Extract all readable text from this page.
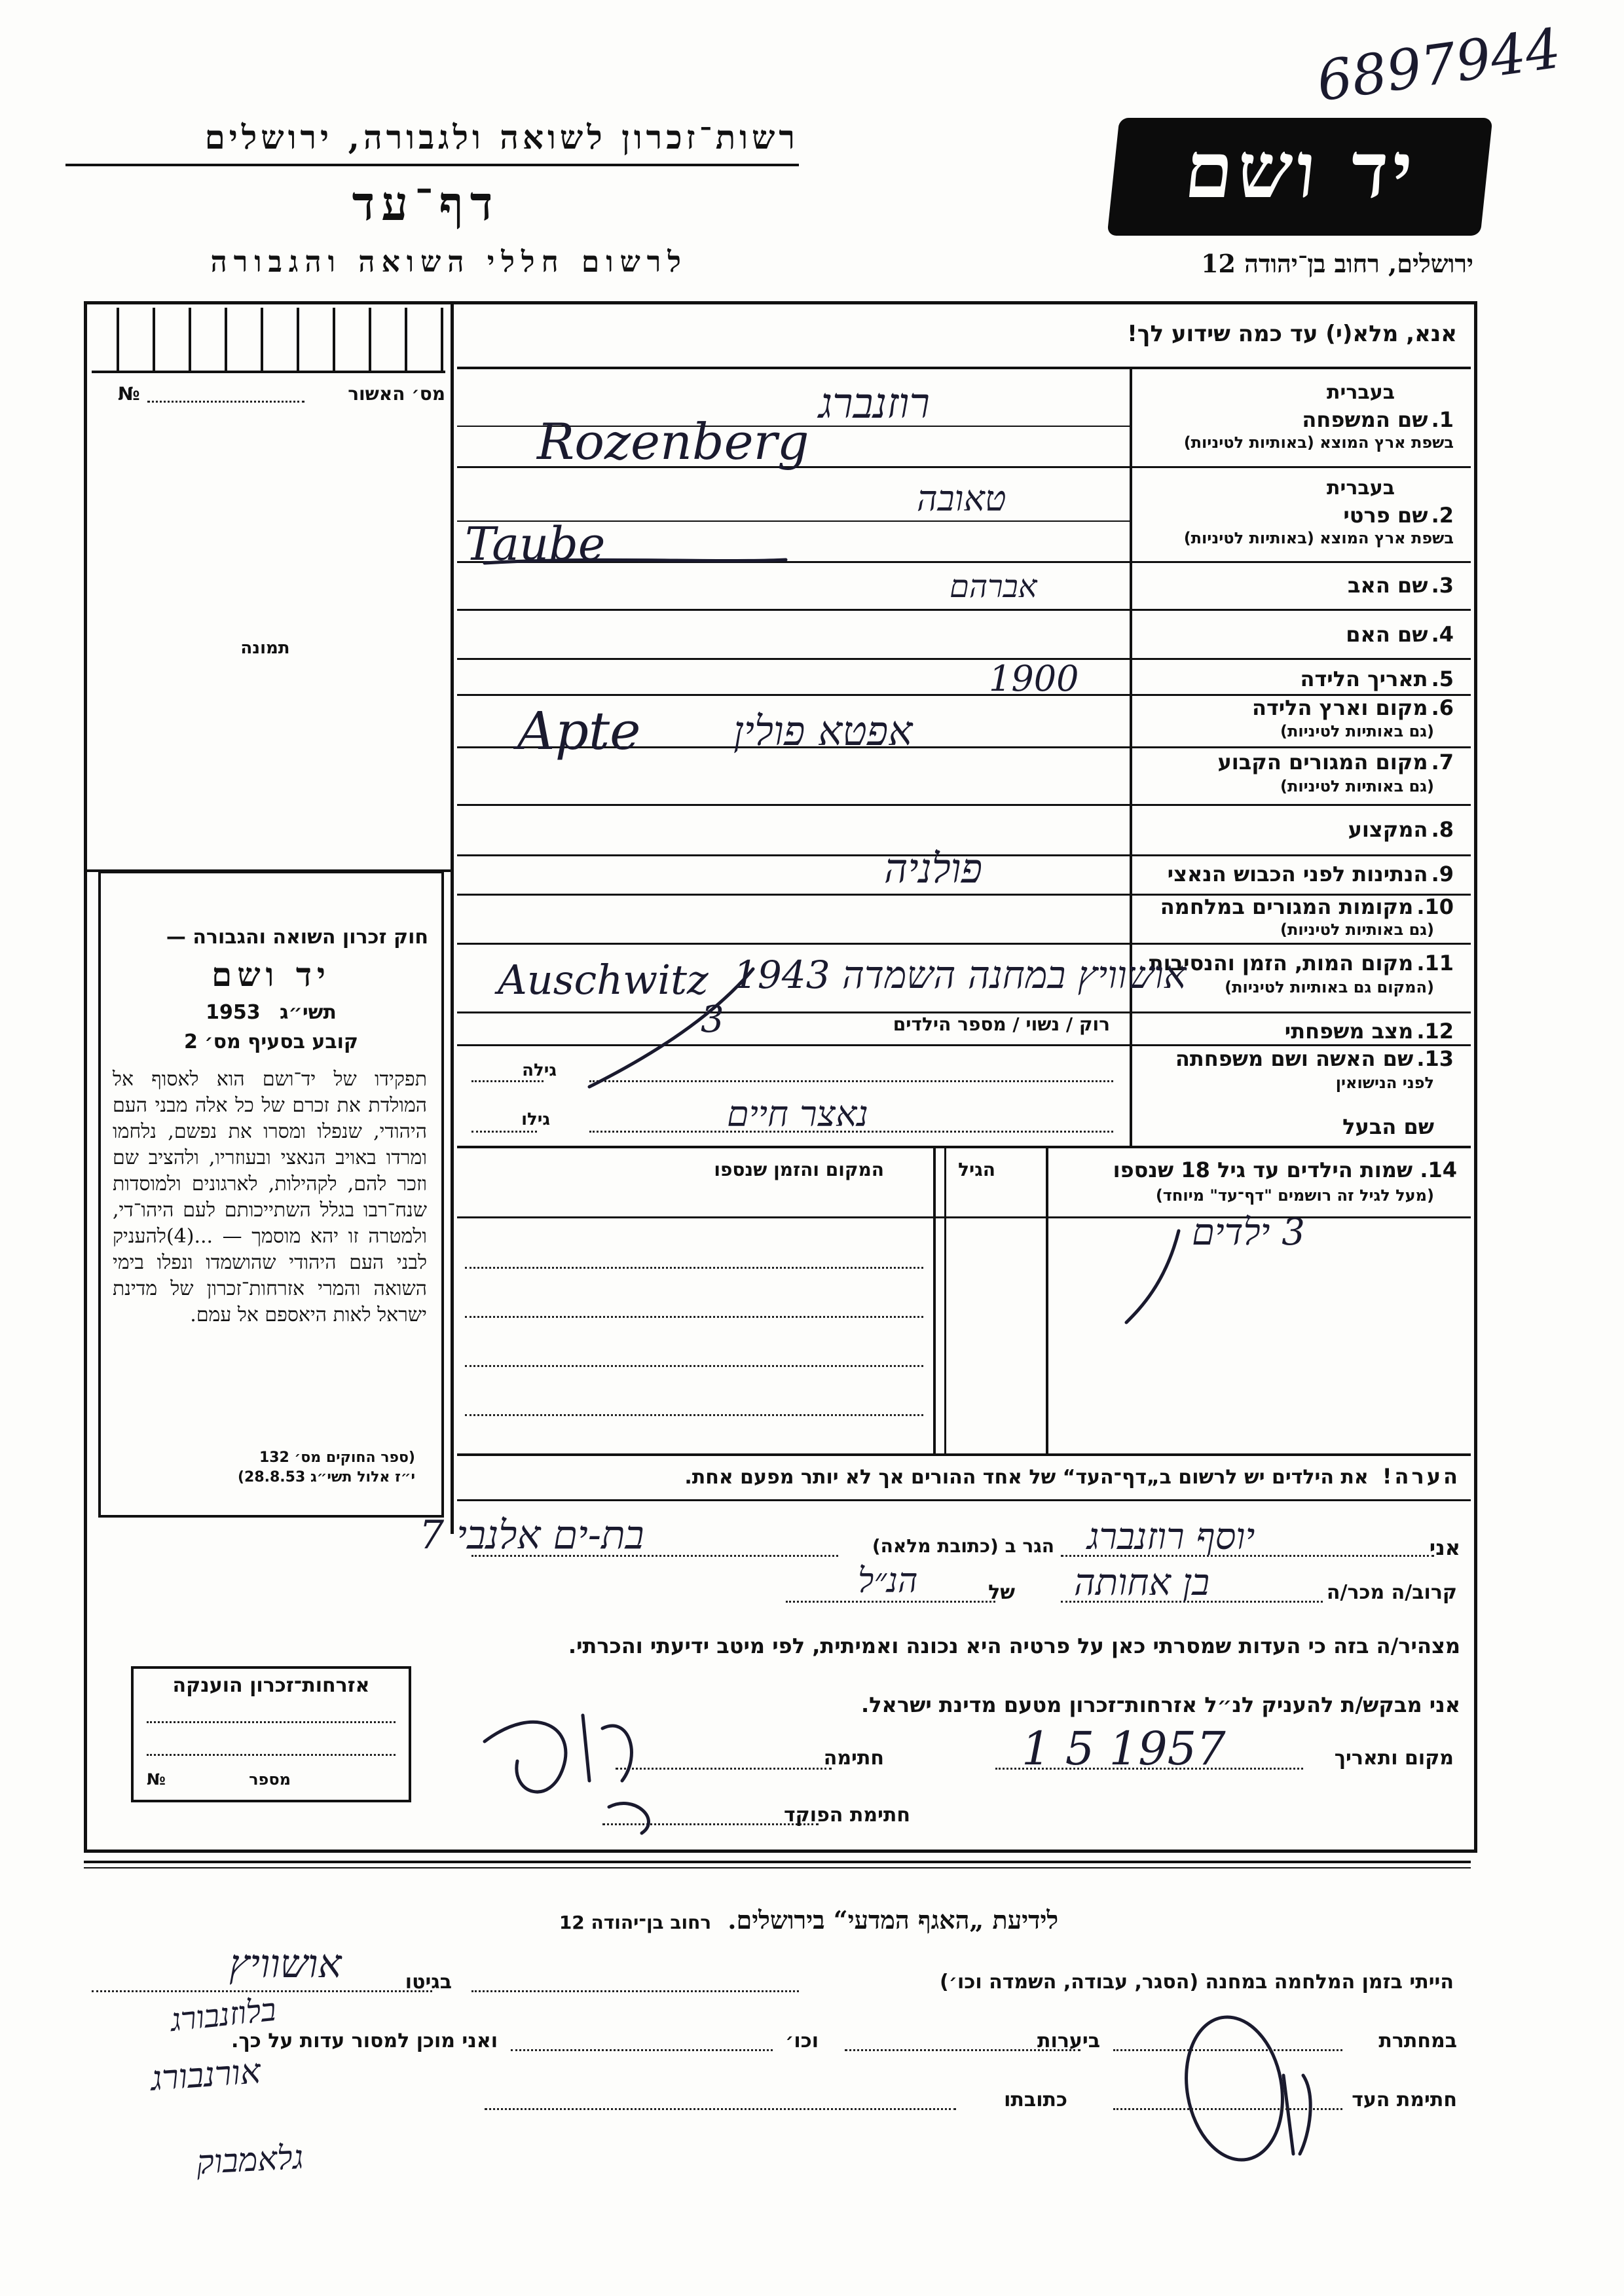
6897944
רשות־זכרון לשואה ולגבורה, ירושלים
דף־עד
לרשום חללי השואה והגבורה
יד ושם
ירושלים, רחוב בן־יהודה 12
אנא, מלא(י) עד כמה שידוע לך!
מס׳ האשור
№
תמונה
חוק זכרון השואה והגבורה —
יד ושם
1953 תשי״ג
קובע בסעיף מס׳ 2
תפקידו של יד־ושם הוא לאסוף אל המולדת את זכרם של כל אלה מבני העם היהודי, שנפלו ומסרו את נפשם, נלחמו ומרדו באויב הנאצי ובעוזריו, ולהציב שם וזכר להם, לקהילות, לארגונים ולמוסדות שנח־רבו בגלל השתייכותם לעם היהו־די, ולמטרה זו יהא מוסמך — ...(4)להעניק לבני העם היהודי שהושמדו ונפלו בימי השואה והמרי אזרחות־זכרון של מדינת ישראל לאות היאספם אל עמם.
(ספר החוקים מס׳ 132
י״ז אלול תשי״ג 28.8.53)
בעברית
1. שם המשפחה
בשפת ארץ המוצא (באותיות לטיניות)
רוזנברג
Rozenberg
בעברית
2. שם פרטי
בשפת ארץ המוצא (באותיות לטיניות)
טאובה
Taube
3. שם האב
אברהם
4. שם האם
5. תאריך הלידה
1900
6. מקום וארץ הלידה
(גם באותיות לטיניות)
Apte אפטא פולין
7. מקום המגורים הקבוע
(גם באותיות לטיניות)
8. המקצוע
9. הנתינות לפני הכבוש הנאצי
פולניה
10. מקומות המגורים במלחמה
(גם באותיות לטיניות)
11. מקום המות, הזמן והנסיבות
(המקום גם באותיות לטיניות)
Auschwitz אושוויץ במחנה השמדה 1943
12. מצב משפחתי
רוק / נשוי / מספר הילדים
3
13. שם האשה ושם משפחתה
לפני הנישואין
גילה
שם הבעל
גילו	נאצר חיים
14. שמות הילדים עד גיל 18 שנספו
(מעל לגיל זה רושמים "דף־עד" מיוחד)
הגיל
המקום והזמן שנספו
3 ילדים
הערה! את הילדים יש לרשום ב„דף־העד“ של אחד ההורים אך לא יותר מפעם אחת.
אני
הגר ב (כתובת מלאה) יוסף רוזנברג
בת-ים אלנבי 7
קרוב/ה מכר/ה
בן אחותה
של
הנ״ל
מצהיר/ה בזה כי העדות שמסרתי כאן על פרטיה היא נכונה ואמיתית, לפי מיטב ידיעתי והכרתי.
אני מבקש/ת להעניק לנ״ל אזרחות־זכרון מטעם מדינת ישראל.
מקום ותאריך
1 5 1957
חתימה
חתימת הפוקד
אזרחות־זכרון הוענקה
№	מספר
לידיעת „האגף המדעי“ בירושלים. רחוב בן־יהודה 12
הייתי בזמן המלחמה במחנה (הסגר, עבודה, השמדה וכו׳)
בגיטו
אושוויץ
במחתרת
ביערות
וכו׳
ואני מוכן למסור עדות על כך.
חתימת העד
כתובתו
בלוזנבורג
אורנבורג
גלאמבוק
